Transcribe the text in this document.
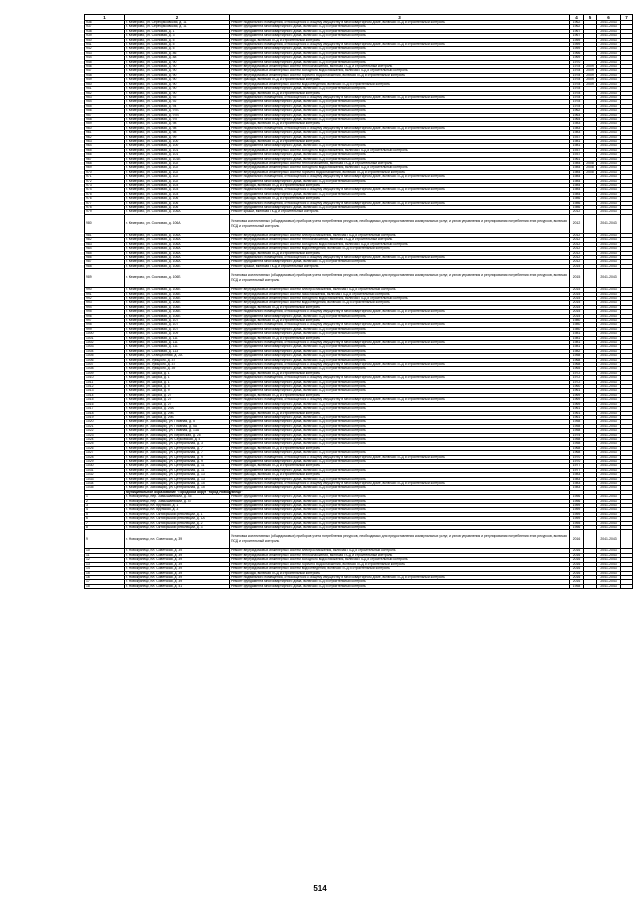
1	2	3	4	5	6	7
936	г. Кемерово, ул. Серебряковская, д. 11	Ремонт подвального помещения, относящегося к общему имуществу в многоквартирном доме, включая ПСД и строительный контроль	1962		2041-2043	
937	г. Кемерово, ул. Серебряковская, д. 11	Ремонт фундамента многоквартирного дома, включая ПСД и строительный контроль	1962		2041-2043	
938	г. Кемерово, ул. Сосновая, д. 1	Ремонт фундамента многоквартирного дома, включая ПСД и строительный контроль	1967		2041-2043	
939	г. Кемерово, ул. Сосновая, д. 3	Ремонт фундамента многоквартирного дома, включая ПСД и строительный контроль	1967		2041-2043	
940	г. Кемерово, ул. Сосновая, д. 5	Ремонт фасада, включая ПСД и строительный контроль	1959		2041-2043	
941	г. Кемерово, ул. Сосновая, д. 5	Ремонт подвального помещения, относящегося к общему имуществу в многоквартирном доме, включая ПСД и строительный контроль	1959		2041-2043	
942	г. Кемерово, ул. Сосновая, д. 5	Ремонт фундамента многоквартирного дома, включая ПСД и строительный контроль	1959		2041-2043	
943	г. Кемерово, ул. Сосновая, д. 86	Ремонт фундамента многоквартирного дома, включая ПСД и строительный контроль	1966		2041-2043	
944	г. Кемерово, ул. Сосновая, д. 88	Ремонт фундамента многоквартирного дома, включая ПСД и строительный контроль	1969		2041-2043	
945	г. Кемерово, ул. Сосновая, д. 90	Ремонт фундамента многоквартирного дома, включая ПСД и строительный контроль	1970		2041-2043	
946	г. Кемерово, ул. Сосновая, д. 90	Ремонт внутридомовых инженерных систем теплоснабжения, включая ПСД и строительный контроль	1978	2009	2041-2043	
947	г. Кемерово, ул. Сосновая, д. 90	Ремонт внутридомовых инженерных систем холодного водоснабжения, включая ПСД и строительный контроль	1978	2009	2041-2043	
948	г. Кемерово, ул. Сосновая, д. 90	Ремонт внутридомовых инженерных систем горячего водоснабжения, включая ПСД и строительный контроль	1978	2009	2041-2043	
949	г. Кемерово, ул. Сосновая, д. 90	Ремонт фасада, включая ПСД и строительный контроль	1978	2009	2041-2043	
950	г. Кемерово, ул. Сосновая, д. 90	Ремонт внутридомовых инженерных систем водоотведения, включая ПСД и строительный контроль	1978	2009	2041-2043	
951	г. Кемерово, ул. Сосновая, д. 90	Ремонт фундамента многоквартирного дома, включая ПСД и строительный контроль	1978		2041-2043	
952	г. Кемерово, ул. Сосновая, д. 90	Ремонт фасада, включая ПСД и строительный контроль	1978		2041-2043	
953	г. Кемерово, ул. Сосновая, д. 92	Ремонт подвального помещения, относящегося к общему имуществу в многоквартирном доме, включая ПСД и строительный контроль	1978		2041-2043	
954	г. Кемерово, ул. Сосновая, д. 92	Ремонт фундамента многоквартирного дома, включая ПСД и строительный контроль	1978		2041-2043	
955	г. Кемерово, ул. Сосновая, д. 94	Ремонт фундамента многоквартирного дома, включая ПСД и строительный контроль	1978		2041-2043	
956	г. Кемерово, ул. Сосновая, д. 97Б	Ремонт фундамента многоквартирного дома, включая ПСД и строительный контроль	1962		2041-2043	
957	г. Кемерово, ул. Сосновая, д. 97В	Ремонт фундамента многоквартирного дома, включая ПСД и строительный контроль	1963		2041-2043	
958	г. Кемерово, ул. Сосновая, д. 97Г	Ремонт фундамента многоквартирного дома, включая ПСД и строительный контроль	1964		2041-2043	
959	г. Кемерово, ул. Сосновая, д. 98	Ремонт фасада, включая ПСД и строительный контроль	1983		2041-2043	
960	г. Кемерово, ул. Сосновая, д. 98	Ремонт подвального помещения, относящегося к общему имуществу в многоквартирном доме, включая ПСД и строительный контроль	1983		2041-2043	
961	г. Кемерово, ул. Сосновая, д. 98	Ремонт фундамента многоквартирного дома, включая ПСД и строительный контроль	1983		2041-2043	
962	г. Кемерово, ул. Сосновая, д. 99	Ремонт фундамента многоквартирного дома, включая ПСД и строительный контроль	1937		2041-2043	
963	г. Кемерово, ул. Сосновая, д. 100	Ремонт фасада, включая ПСД и строительный контроль	1981		2041-2043	
964	г. Кемерово, ул. Сосновая, д. 100	Ремонт фундамента многоквартирного дома, включая ПСД и строительный контроль	1981		2041-2043	
965	г. Кемерово, ул. Сосновая, д. 101	Ремонт внутридомовых инженерных систем холодного водоснабжения, включая ПСД и строительный контроль	1937		2041-2043	
966	г. Кемерово, ул. Сосновая, д. 101	Ремонт фундамента многоквартирного дома, включая ПСД и строительный контроль	1937		2041-2043	
967	г. Кемерово, ул. Сосновая, д. 101Б	Ремонт фундамента многоквартирного дома, включая ПСД и строительный контроль	1961		2041-2043	
968	г. Кемерово, ул. Сосновая, д. 102	Ремонт внутридомовых инженерных систем теплоснабжения, включая ПСД и строительный контроль	1984	2008	2041-2043	
969	г. Кемерово, ул. Сосновая, д. 102	Ремонт внутридомовых инженерных систем холодного водоснабжения, включая ПСД и строительный контроль	1984	2008	2041-2043	
970	г. Кемерово, ул. Сосновая, д. 102	Ремонт внутридомовых инженерных систем горячего водоснабжения, включая ПСД и строительный контроль	1984	2008	2041-2043	
971	г. Кемерово, ул. Сосновая, д. 102	Ремонт подвального помещения, относящегося к общему имуществу в многоквартирном доме, включая ПСД и строительный контроль	1984		2041-2043	
972	г. Кемерово, ул. Сосновая, д. 102	Ремонт фундамента многоквартирного дома, включая ПСД и строительный контроль	1984		2041-2043	
973	г. Кемерово, ул. Сосновая, д. 103	Ремонт фасада, включая ПСД и строительный контроль	1984		2041-2043	
974	г. Кемерово, ул. Сосновая, д. 103	Ремонт подвального помещения, относящегося к общему имуществу в многоквартирном доме, включая ПСД и строительный контроль	1984		2041-2043	
975	г. Кемерово, ул. Сосновая, д. 103	Ремонт фундамента многоквартирного дома, включая ПСД и строительный контроль	1984		2041-2043	
976	г. Кемерово, ул. Сосновая, д. 106	Ремонт фасада, включая ПСД и строительный контроль	1986		2041-2043	
977	г. Кемерово, ул. Сосновая, д. 106	Ремонт подвального помещения, относящегося к общему имуществу в многоквартирном доме, включая ПСД и строительный контроль	1986		2041-2043	
978	г. Кемерово, ул. Сосновая, д. 106	Ремонт фундамента многоквартирного дома, включая ПСД и строительный контроль	1986		2041-2043	
979	г. Кемерово, ул. Сосновая, д. 106А	Ремонт крыши, включая ПСД и строительный контроль	2012		2041-2043	
980	г. Кемерово, ул. Сосновая, д. 106А	Установка коллективных (общедомовых) приборов учета потребления ресурсов, необходимых для предоставления коммунальных услуг, и узлов управления и регулирования потребления этих ресурсов, включая ПСД и строительный контроль	2012		2041-2043	
981	г. Кемерово, ул. Сосновая, д. 106А	Ремонт внутридомовых инженерных систем электроснабжения, включая ПСД и строительный контроль	2012		2041-2043	
982	г. Кемерово, ул. Сосновая, д. 106А	Ремонт внутридомовых инженерных систем теплоснабжения, включая ПСД и строительный контроль	2012		2041-2043	
983	г. Кемерово, ул. Сосновая, д. 106А	Ремонт внутридомовых инженерных систем холодного водоснабжения, включая ПСД и строительный контроль	2012		2041-2043	
984	г. Кемерово, ул. Сосновая, д. 106А	Ремонт внутридомовых инженерных систем водоотведения, включая ПСД и строительный контроль	2012		2041-2043	
985	г. Кемерово, ул. Сосновая, д. 106А	Ремонт фасада, включая ПСД и строительный контроль	2012		2041-2043	
986	г. Кемерово, ул. Сосновая, д. 106А	Ремонт подвального помещения, относящегося к общему имуществу в многоквартирном доме, включая ПСД и строительный контроль	2012		2041-2043	
987	г. Кемерово, ул. Сосновая, д. 106А	Ремонт фундамента многоквартирного дома, включая ПСД и строительный контроль	2012		2041-2043	
988	г. Кемерово, ул. Сосновая, д. 106Б	Ремонт крыши, включая ПСД и строительный контроль	2015		2041-2043	
989	г. Кемерово, ул. Сосновая, д. 106Б	Установка коллективных (общедомовых) приборов учета потребления ресурсов, необходимых для предоставления коммунальных услуг, и узлов управления и регулирования потребления этих ресурсов, включая ПСД и строительный контроль	2015		2041-2043	
990	г. Кемерово, ул. Сосновая, д. 106Б	Ремонт внутридомовых инженерных систем электроснабжения, включая ПСД и строительный контроль	2015		2041-2043	
991	г. Кемерово, ул. Сосновая, д. 106Б	Ремонт внутридомовых инженерных систем газоснабжения, включая ПСД и строительный контроль	2015		2041-2043	
992	г. Кемерово, ул. Сосновая, д. 106Б	Ремонт внутридомовых инженерных систем холодного водоснабжения, включая ПСД и строительный контроль	2015		2041-2043	
993	г. Кемерово, ул. Сосновая, д. 106Б	Ремонт внутридомовых инженерных систем водоотведения, включая ПСД и строительный контроль	2015		2041-2043	
994	г. Кемерово, ул. Сосновая, д. 106Б	Ремонт фасада, включая ПСД и строительный контроль	2015		2041-2043	
995	г. Кемерово, ул. Сосновая, д. 106Б	Ремонт подвального помещения, относящегося к общему имуществу в многоквартирном доме, включая ПСД и строительный контроль	2015		2041-2043	
996	г. Кемерово, ул. Сосновая, д. 106Б	Ремонт фундамента многоквартирного дома, включая ПСД и строительный контроль	2015		2041-2043	
997	г. Кемерово, ул. Сосновая, д. 107	Ремонт фасада, включая ПСД и строительный контроль	1980		2041-2043	
998	г. Кемерово, ул. Сосновая, д. 107	Ремонт подвального помещения, относящегося к общему имуществу в многоквартирном доме, включая ПСД и строительный контроль	1980		2041-2043	
999	г. Кемерово, ул. Сосновая, д. 107	Ремонт фундамента многоквартирного дома, включая ПСД и строительный контроль	1980		2041-2043	
1000	г. Кемерово, ул. Сосновая, д. 109	Ремонт фундамента многоквартирного дома, включая ПСД и строительный контроль	1981		2041-2043	
1001	г. Кемерово, ул. Сосновая, д. 111	Ремонт фасада, включая ПСД и строительный контроль	1981		2041-2043	
1002	г. Кемерово, ул. Сосновая, д. 111	Ремонт подвального помещения, относящегося к общему имуществу в многоквартирном доме, включая ПСД и строительный контроль	1981		2041-2043	
1003	г. Кемерово, ул. Сосновая, д. 111	Ремонт фундамента многоквартирного дома, включая ПСД и строительный контроль	1981		2041-2043	
1004	г. Кемерово, ул. Сосновая, д. 113	Ремонт фундамента многоквартирного дома, включая ПСД и строительный контроль	1982		2041-2043	
1005	г. Кемерово, ул. Станционная, д. 2А	Ремонт фундамента многоквартирного дома, включая ПСД и строительный контроль	1958		2041-2043	
1006	г. Кемерово, ул. Урицкого, д. 37	Ремонт фундамента многоквартирного дома, включая ПСД и строительный контроль	1968		2041-2043	
1007	г. Кемерово, ул. Урицкого, д. 37	Ремонт подвального помещения, относящегося к общему имуществу в многоквартирном доме, включая ПСД и строительный контроль	1968		2041-2043	
1008	г. Кемерово, ул. Урицкого, д. 39	Ремонт фундамента многоквартирного дома, включая ПСД и строительный контроль	1965		2041-2043	
1009	г. Кемерово, ул. Шорса, д. 1	Ремонт фасада, включая ПСД и строительный контроль	1972		2041-2043	
1010	г. Кемерово, ул. Шорса, д. 1	Ремонт подвального помещения, относящегося к общему имуществу в многоквартирном доме, включая ПСД и строительный контроль	1972		2041-2043	
1011	г. Кемерово, ул. Шорса, д. 1	Ремонт фундамента многоквартирного дома, включая ПСД и строительный контроль	1972		2041-2043	
1012	г. Кемерово, ул. Шорса, д. 5	Ремонт фундамента многоквартирного дома, включая ПСД и строительный контроль	1960		2041-2043	
1013	г. Кемерово, ул. Шорса, д. 9	Ремонт фундамента многоквартирного дома, включая ПСД и строительный контроль	1961		2041-2043	
1014	г. Кемерово, ул. Шорса, д. 27	Ремонт фасада, включая ПСД и строительный контроль	1969		2041-2043	
1015	г. Кемерово, ул. Шорса, д. 27	Ремонт подвального помещения, относящегося к общему имуществу в многоквартирном доме, включая ПСД и строительный контроль	1969		2041-2043	
1016	г. Кемерово, ул. Шорса, д. 27	Ремонт фундамента многоквартирного дома, включая ПСД и строительный контроль	1969		2041-2043	
1017	г. Кемерово, ул. Шорса, д. 29А	Ремонт фундамента многоквартирного дома, включая ПСД и строительный контроль	1961		2041-2043	
1018	г. Кемерово, ул. Шорса, д. 29Б	Ремонт фасада, включая ПСД и строительный контроль	1961		2041-2043	
1019	г. Кемерово, ул. Шорса, д. 29Б	Ремонт фундамента многоквартирного дома, включая ПСД и строительный контроль	1961		2041-2043	
1020	г. Кемерово (п. Забойщик), ул. Главная, д. 5	Ремонт фундамента многоквартирного дома, включая ПСД и строительный контроль	1958		2041-2043	
1021	г. Кемерово (п. Забойщик), ул. Главная, д. 5А	Ремонт фундамента многоквартирного дома, включая ПСД и строительный контроль	1958		2041-2043	
1022	г. Кемерово (п. Забойщик), ул. Главная, д. 13А	Ремонт фундамента многоквартирного дома, включая ПСД и строительный контроль	1958		2041-2043	
1023	г. Кемерово (п. Забойщик), ул. Веринская, д. 28	Ремонт фундамента многоквартирного дома, включая ПСД и строительный контроль	1975		2041-2043	
1024	г. Кемерово (п. Забойщик), ул. Серковская, д. 4	Ремонт фундамента многоквартирного дома, включая ПСД и строительный контроль	1958		2041-2043	
1025	г. Кемерово (п. Забойщик), ул. Центральная, д. 3	Ремонт фундамента многоквартирного дома, включая ПСД и строительный контроль	1958		2041-2043	
1026	г. Кемерово (п. Забойщик), ул. Центральная, д. 7	Ремонт фасада, включая ПСД и строительный контроль	1968		2041-2043	
1027	г. Кемерово (п. Забойщик), ул. Центральная, д. 7	Ремонт фундамента многоквартирного дома, включая ПСД и строительный контроль	1968		2041-2043	
1028	г. Кемерово (п. Забойщик), ул. Центральная, д. 9	Ремонт подвального помещения, относящегося к общему имуществу в многоквартирном доме, включая ПСД и строительный контроль	1970		2041-2043	
1029	г. Кемерово (п. Забойщик), ул. Центральная, д. 9	Ремонт фундамента многоквартирного дома, включая ПСД и строительный контроль	1970		2041-2043	
1030	г. Кемерово (п. Забойщик), ул. Центральная, д. 11	Ремонт фасада, включая ПСД и строительный контроль	1977		2041-2043	
1031	г. Кемерово (п. Забойщик), ул. Центральная, д. 11	Ремонт фундамента многоквартирного дома, включая ПСД и строительный контроль	1977		2041-2043	
1032	г. Кемерово (п. Забойщик), ул. Центральная, д. 13	Ремонт фасада, включая ПСД и строительный контроль	1983		2041-2043	
1033	г. Кемерово (п. Забойщик), ул. Центральная, д. 13	Ремонт фундамента многоквартирного дома, включая ПСД и строительный контроль	1983		2041-2043	
1034	г. Кемерово (п. Забойщик), ул. Центральная, д. 15	Ремонт подвального помещения, относящегося к общему имуществу в многоквартирном доме, включая ПСД и строительный контроль	1983		2041-2043	
1035	г. Кемерово (п. Забойщик), ул. Центральная, д. 15	Ремонт фундамента многоквартирного дома, включая ПСД и строительный контроль	1983		2041-2043	
	Муниципальное образование "Городской округ "город Новокузнецк"					
1	г. Новокузнецк, пер. Замышаевский, д. 45	Ремонт фундамента многоквартирного дома, включая ПСД и строительный контроль	1956		2041-2043	
2	г. Новокузнецк, пер. Замышаевский, д. 47	Ремонт фундамента многоквартирного дома, включая ПСД и строительный контроль	1956		2041-2043	
3	г. Новокузнецк, пл. Крупской, д. 1	Ремонт фундамента многоквартирного дома, включая ПСД и строительный контроль	1959		2041-2043	
4	г. Новокузнецк, пл. Крупской, д. 3	Ремонт фундамента многоквартирного дома, включая ПСД и строительный контроль	1959		2041-2043	
5	г. Новокузнецк, пл. Октябрьской революции, д. 1	Ремонт фундамента многоквартирного дома, включая ПСД и строительный контроль	1959		2041-2043	
6	г. Новокузнецк, пл. Октябрьской революции, д. 1А	Ремонт фундамента многоквартирного дома, включая ПСД и строительный контроль	1959		2041-2043	
7	г. Новокузнецк, пл. Октябрьской революции, д. 2	Ремонт фундамента многоквартирного дома, включая ПСД и строительный контроль	1955		2041-2043	
8	г. Новокузнецк, пл. Октябрьской революции, д. 3	Ремонт фундамента многоквартирного дома, включая ПСД и строительный контроль	1956		2041-2043	
9	г. Новокузнецк, пл. Советская, д. 39	Установка коллективных (общедомовых) приборов учета потребления ресурсов, необходимых для предоставления коммунальных услуг, и узлов управления и регулирования потребления этих ресурсов, включая ПСД и строительный контроль	2016		2041-2043	
10	г. Новокузнецк, пл. Советская, д. 39	Ремонт внутридомовых инженерных систем электроснабжения, включая ПСД и строительный контроль	2016		2041-2043	
11	г. Новокузнецк, пл. Советская, д. 39	Ремонт внутридомовых инженерных систем теплоснабжения, включая ПСД и строительный контроль	2016		2041-2043	
12	г. Новокузнецк, пл. Советская, д. 39	Ремонт внутридомовых инженерных систем холодного водоснабжения, включая ПСД и строительный контроль	2016		2041-2043	
13	г. Новокузнецк, пл. Советская, д. 39	Ремонт внутридомовых инженерных систем горячего водоснабжения, включая ПСД и строительный контроль	2016		2041-2043	
14	г. Новокузнецк, пл. Советская, д. 39	Ремонт внутридомовых инженерных систем водоотведения, включая ПСД и строительный контроль	2016		2041-2043	
15	г. Новокузнецк, пл. Советская, д. 39	Ремонт фасада, включая ПСД и строительный контроль	2016		2041-2043	
16	г. Новокузнецк, пл. Советская, д. 39	Ремонт подвального помещения, относящегося к общему имуществу в многоквартирном доме, включая ПСД и строительный контроль	2016		2041-2043	
17	г. Новокузнецк, пл. Советская, д. 39	Ремонт фундамента многоквартирного дома, включая ПСД и строительный контроль	2016		2041-2043	
18	г. Новокузнецк, пл. Советская, д. 41	Ремонт фундамента многоквартирного дома, включая ПСД и строительный контроль	1958		2041-2043	
514
